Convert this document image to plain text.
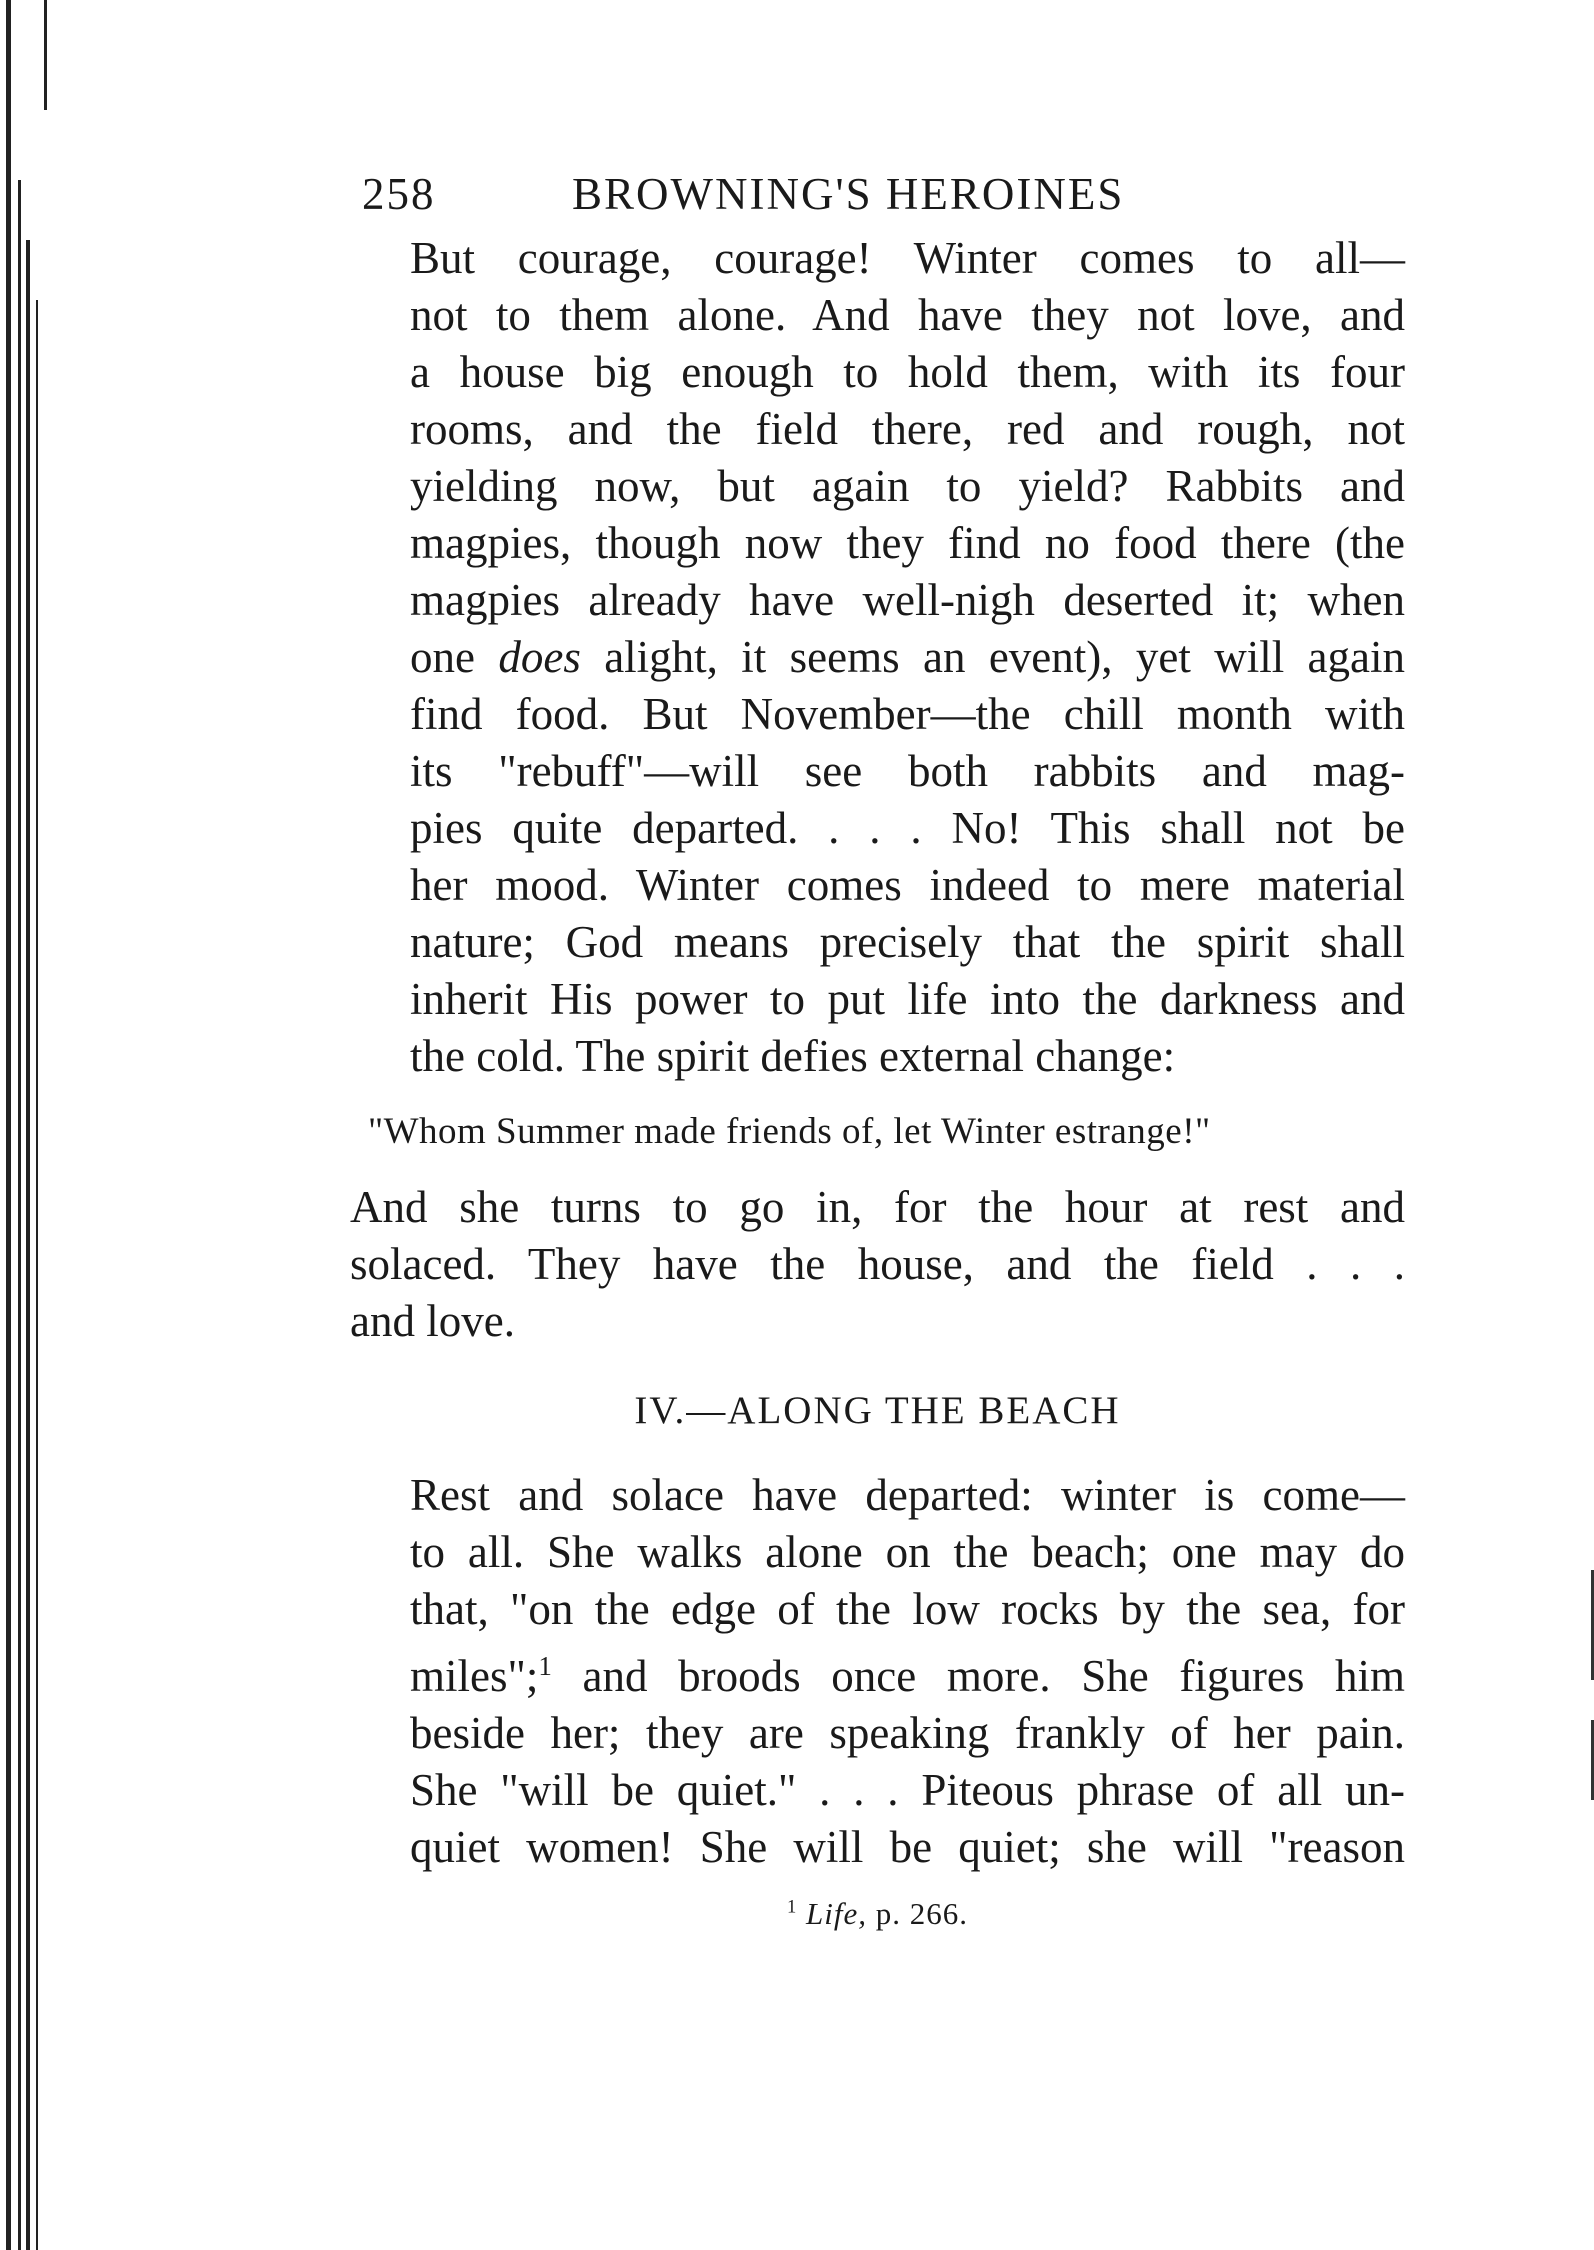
258	BROWNING'S HEROINES

But courage, courage! Winter comes to all—
not to them alone. And have they not love, and
a house big enough to hold them, with its four
rooms, and the field there, red and rough, not
yielding now, but again to yield? Rabbits and
magpies, though now they find no food there (the
magpies already have well-nigh deserted it; when
one does alight, it seems an event), yet will again
find food. But November—the chill month with
its "rebuff"—will see both rabbits and mag-
pies quite departed. . . . No! This shall not be
her mood. Winter comes indeed to mere material
nature; God means precisely that the spirit shall
inherit His power to put life into the darkness and
the cold. The spirit defies external change:

"Whom Summer made friends of, let Winter estrange!"

And she turns to go in, for the hour at rest and
solaced. They have the house, and the field . . .
and love.

IV.—ALONG THE BEACH

Rest and solace have departed: winter is come—
to all. She walks alone on the beach; one may do
that, "on the edge of the low rocks by the sea, for
miles";$^1$ and broods once more. She figures him
beside her; they are speaking frankly of her pain.
She "will be quiet." . . . Piteous phrase of all un-
quiet women! She will be quiet; she will "reason

$^1$ Life, p. 266.
